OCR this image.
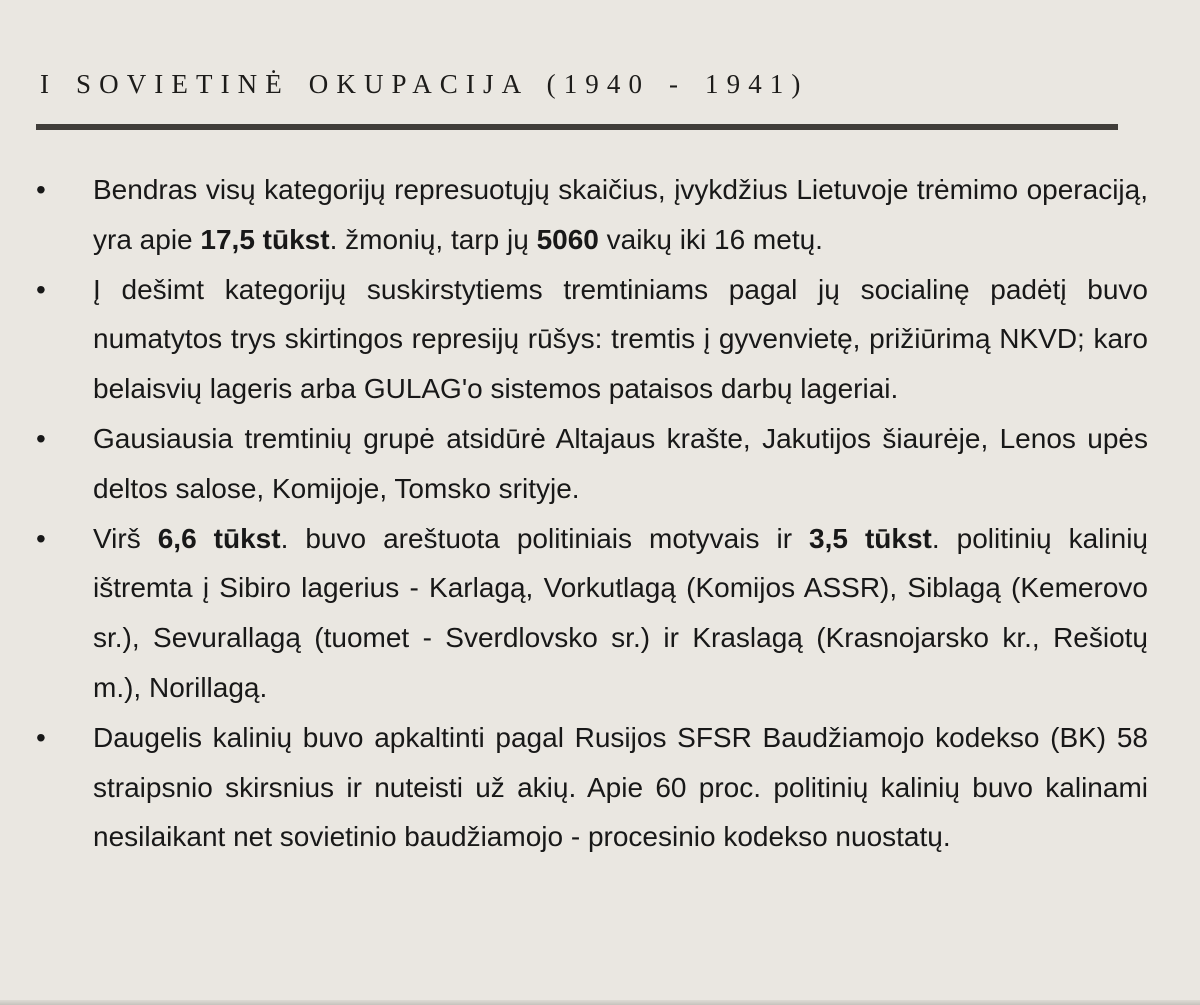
I SOVIETINĖ OKUPACIJA (1940 - 1941)
•	Bendras visų kategorijų represuotųjų skaičius, įvykdžius Lietuvoje trėmimo operaciją, yra apie 17,5 tūkst. žmonių, tarp jų 5060 vaikų iki 16 metų.

•	Į dešimt kategorijų suskirstytiems tremtiniams pagal jų socialinę padėtį buvo numatytos trys skirtingos represijų rūšys: tremtis į gyvenvietę, prižiūrimą NKVD; karo belaisvių lageris arba GULAG'o sistemos pataisos darbų lageriai.

•	Gausiausia tremtinių grupė atsidūrė Altajaus krašte, Jakutijos šiaurėje, Lenos upės deltos salose, Komijoje, Tomsko srityje.

•	Virš 6,6 tūkst. buvo areštuota politiniais motyvais ir 3,5 tūkst. politinių kalinių ištremta į Sibiro lagerius - Karlagą, Vorkutlagą (Komijos ASSR), Siblagą (Kemerovo sr.), Sevurallagą (tuomet - Sverdlovsko sr.) ir Kraslagą (Krasnojarsko kr., Rešiotų m.), Norillagą.

•	Daugelis kalinių buvo apkaltinti pagal Rusijos SFSR Baudžiamojo kodekso (BK) 58 straipsnio skirsnius ir nuteisti už akių. Apie 60 proc. politinių kalinių buvo kalinami nesilaikant net sovietinio baudžiamojo - procesinio kodekso nuostatų.
